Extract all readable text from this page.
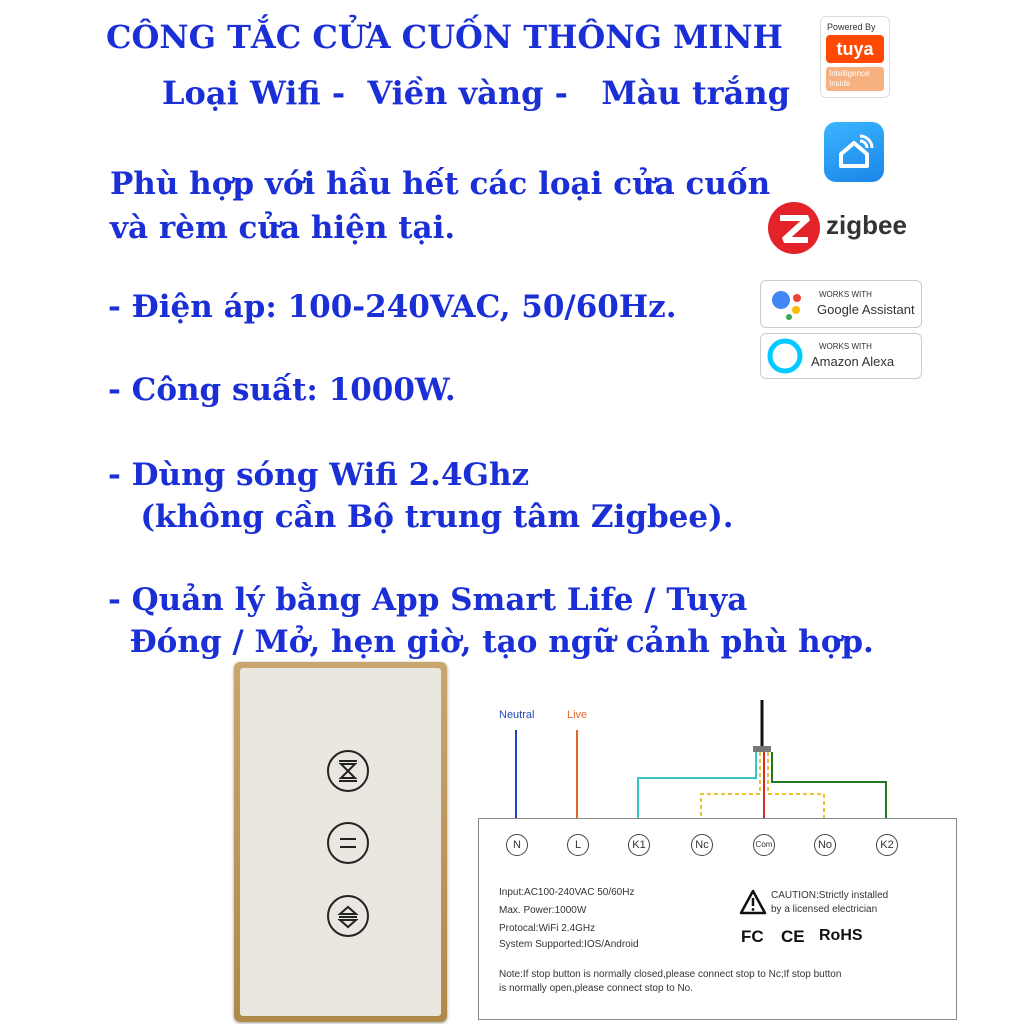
CÔNG TẮC CỬA CUỐN THÔNG MINH
Loại Wifi -  Viền vàng -   Màu trắng
Phù hợp với hầu hết các loại cửa cuốn
và rèm cửa hiện tại.
- Điện áp: 100-240VAC, 50/60Hz.
- Công suất: 1000W.
- Dùng sóng Wifi 2.4Ghz
(không cần Bộ trung tâm Zigbee).
- Quản lý bằng App Smart Life / Tuya
Đóng / Mở, hẹn giờ, tạo ngữ cảnh phù hợp.
Powered By
tuya
Intelligence
Inside
zigbee
WORKS WITH
Google Assistant
WORKS WITH
Amazon Alexa
Neutral	Live
N	L	K1	Nc	Com	No	K2
Input:AC100-240VAC 50/60Hz
Max. Power:1000W
Protocal:WiFi 2.4GHz
System Supported:IOS/Android
CAUTION:Strictly installed
by a licensed electrician
FC CE RoHS
Note:If stop button is normally closed,please connect stop to Nc;If stop button
is normally open,please connect stop to No.
